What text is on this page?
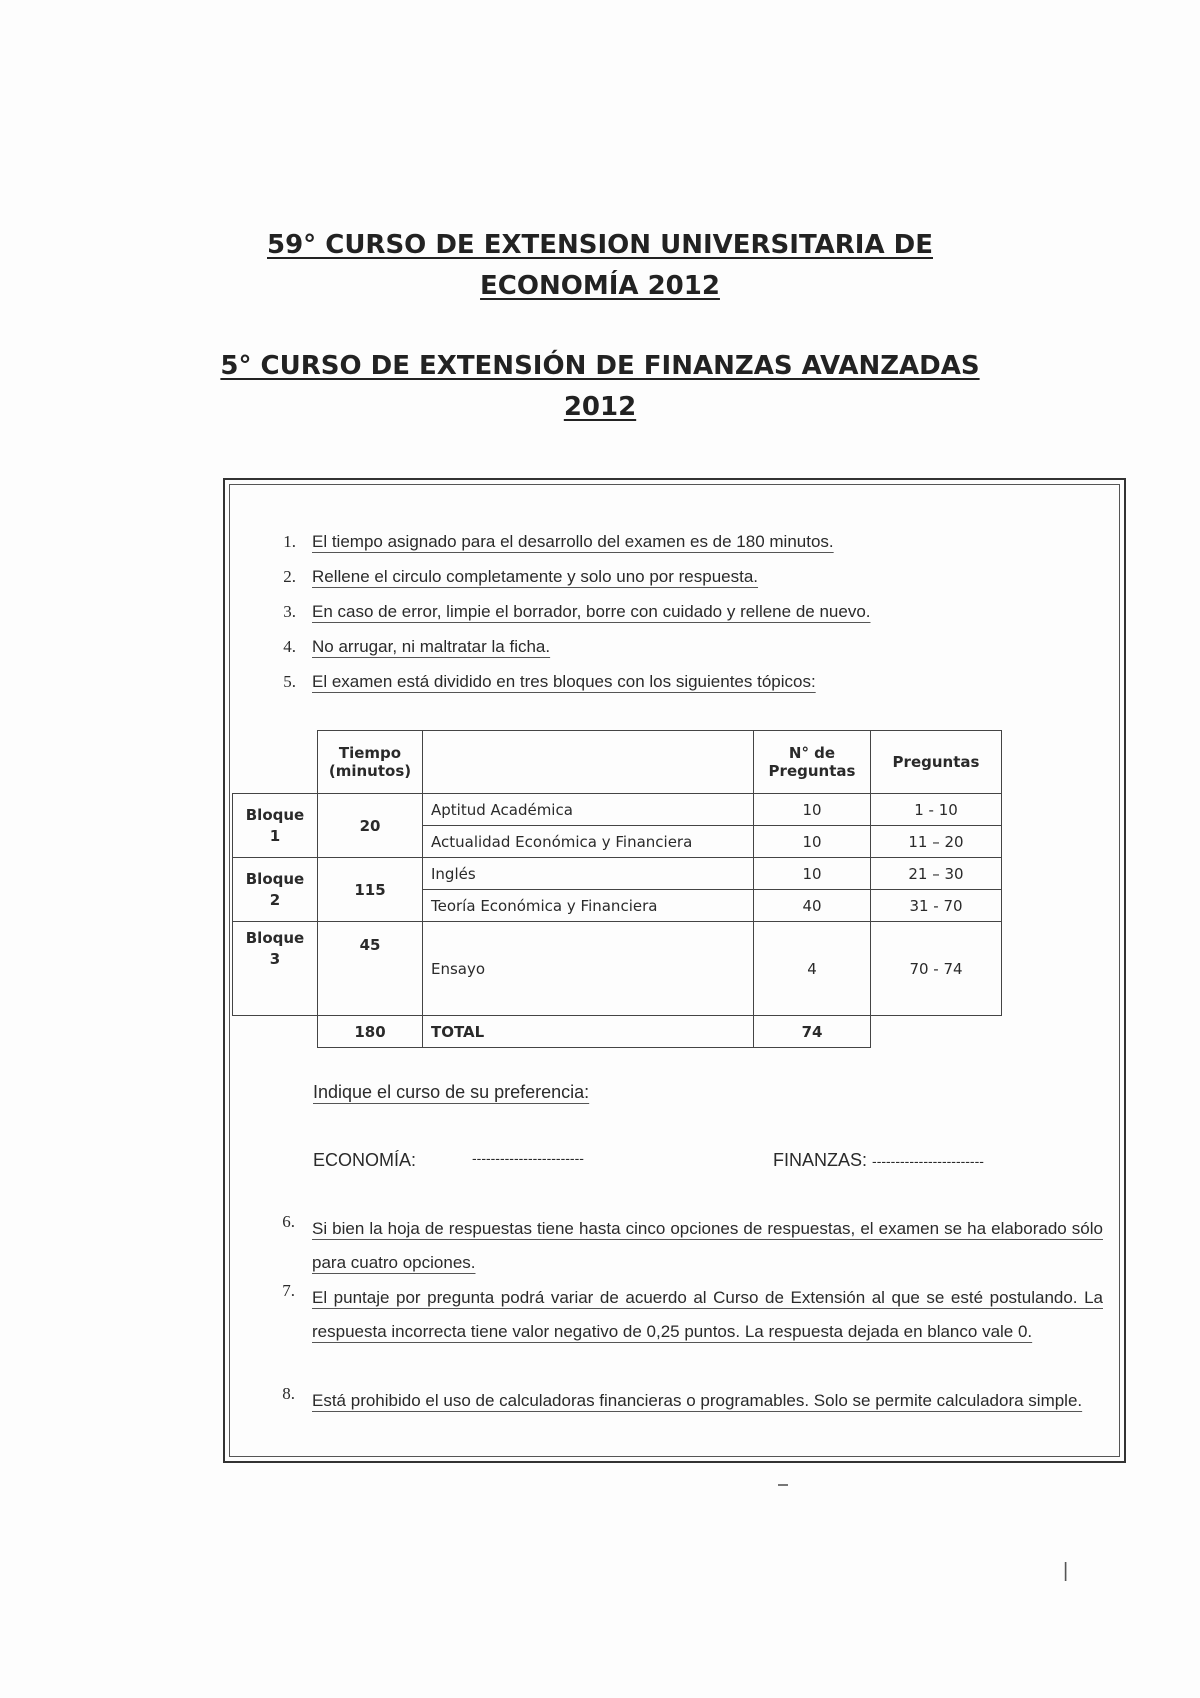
59° CURSO DE EXTENSION UNIVERSITARIA DE
ECONOMÍA 2012
5° CURSO DE EXTENSIÓN DE FINANZAS AVANZADAS
2012
1. El tiempo asignado para el desarrollo del examen es de 180 minutos.
2. Rellene el circulo completamente y solo uno por respuesta.
3. En caso de error, limpie el borrador, borre con cuidado y rellene de nuevo.
4. No arrugar, ni maltratar la ficha.
5. El examen está dividido en tres bloques con los siguientes tópicos:
	Tiempo (minutos)		N° de Preguntas	Preguntas
Bloque 1	20	Aptitud Académica	10	1 - 10
		Actualidad Económica y Financiera	10	11 – 20
Bloque 2	115	Inglés	10	21 – 30
		Teoría Económica y Financiera	40	31 - 70
Bloque 3	45	Ensayo	4	70 - 74
	180	TOTAL	74	
Indique el curso de su preferencia:
ECONOMÍA:	------------------------	FINANZAS: ------------------------
6. Si bien la hoja de respuestas tiene hasta cinco opciones de respuestas, el examen se ha elaborado sólo para cuatro opciones.
7. El puntaje por pregunta podrá variar de acuerdo al Curso de Extensión al que se esté postulando. La respuesta incorrecta tiene valor negativo de 0,25 puntos. La respuesta dejada en blanco vale 0.
8. Está prohibido el uso de calculadoras financieras o programables. Solo se permite calculadora simple.
|
